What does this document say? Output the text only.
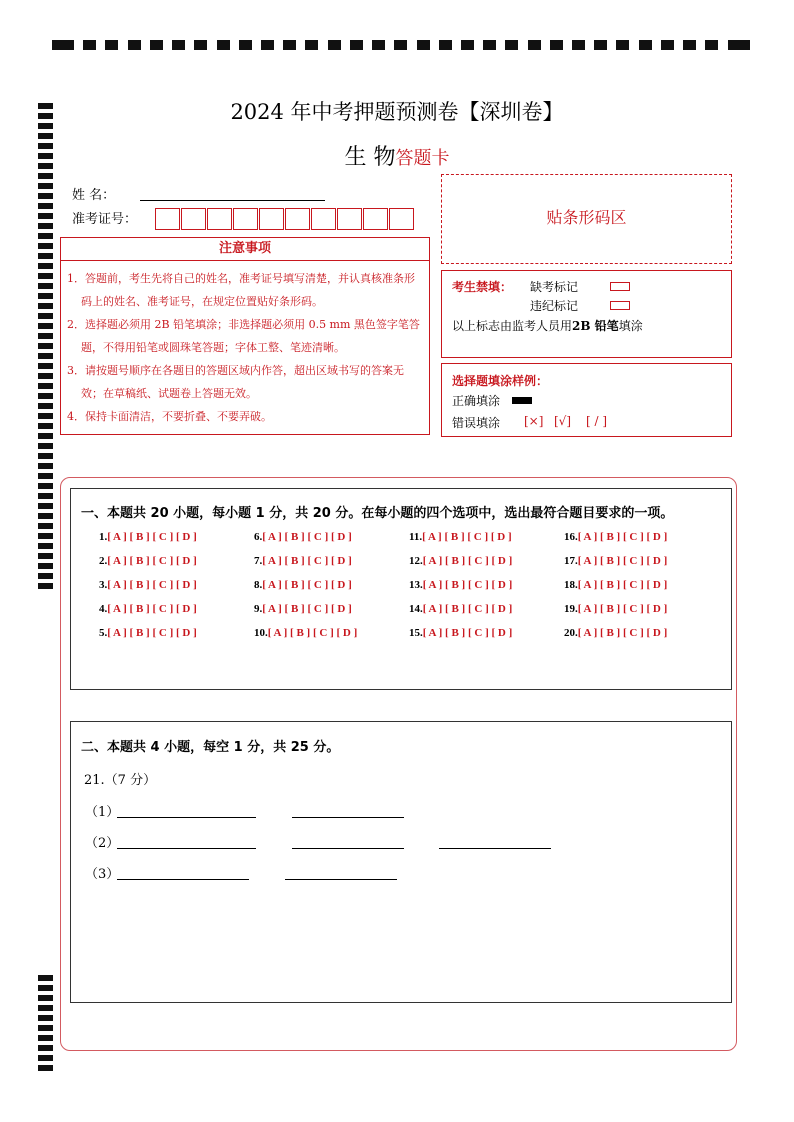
2024 年中考押题预测卷【深圳卷】
生 物答题卡
姓 名：
准考证号：
注意事项
1．答题前，考生先将自己的姓名，准考证号填写清楚，并认真核准条形码上的姓名、准考证号，在规定位置贴好条形码。
2．选择题必须用 2B 铅笔填涂；非选择题必须用 0.5 mm 黑色签字笔答题，不得用铅笔或圆珠笔答题；字体工整、笔迹清晰。
3．请按题号顺序在各题目的答题区域内作答，超出区域书写的答案无效；在草稿纸、试题卷上答题无效。
4．保持卡面清洁，不要折叠、不要弄破。
贴条形码区
考生禁填： 缺考标记
违纪标记
以上标志由监考人员用2B 铅笔填涂
选择题填涂样例：
正确填涂
错误填涂 [×] [√] [ / ]
一、本题共 20 小题，每小题 1 分，共 20 分。在每小题的四个选项中，选出最符合题目要求的一项。
1.[ A ] [ B ] [ C ] [ D ]
2.[ A ] [ B ] [ C ] [ D ]
3.[ A ] [ B ] [ C ] [ D ]
4.[ A ] [ B ] [ C ] [ D ]
5.[ A ] [ B ] [ C ] [ D ]
6.[ A ] [ B ] [ C ] [ D ]
7.[ A ] [ B ] [ C ] [ D ]
8.[ A ] [ B ] [ C ] [ D ]
9.[ A ] [ B ] [ C ] [ D ]
10.[ A ] [ B ] [ C ] [ D ]
11.[ A ] [ B ] [ C ] [ D ]
12.[ A ] [ B ] [ C ] [ D ]
13.[ A ] [ B ] [ C ] [ D ]
14.[ A ] [ B ] [ C ] [ D ]
15.[ A ] [ B ] [ C ] [ D ]
16.[ A ] [ B ] [ C ] [ D ]
17.[ A ] [ B ] [ C ] [ D ]
18.[ A ] [ B ] [ C ] [ D ]
19.[ A ] [ B ] [ C ] [ D ]
20.[ A ] [ B ] [ C ] [ D ]
二、本题共 4 小题，每空 1 分，共 25 分。
21.（7 分）
（1）
（2）
（3）
